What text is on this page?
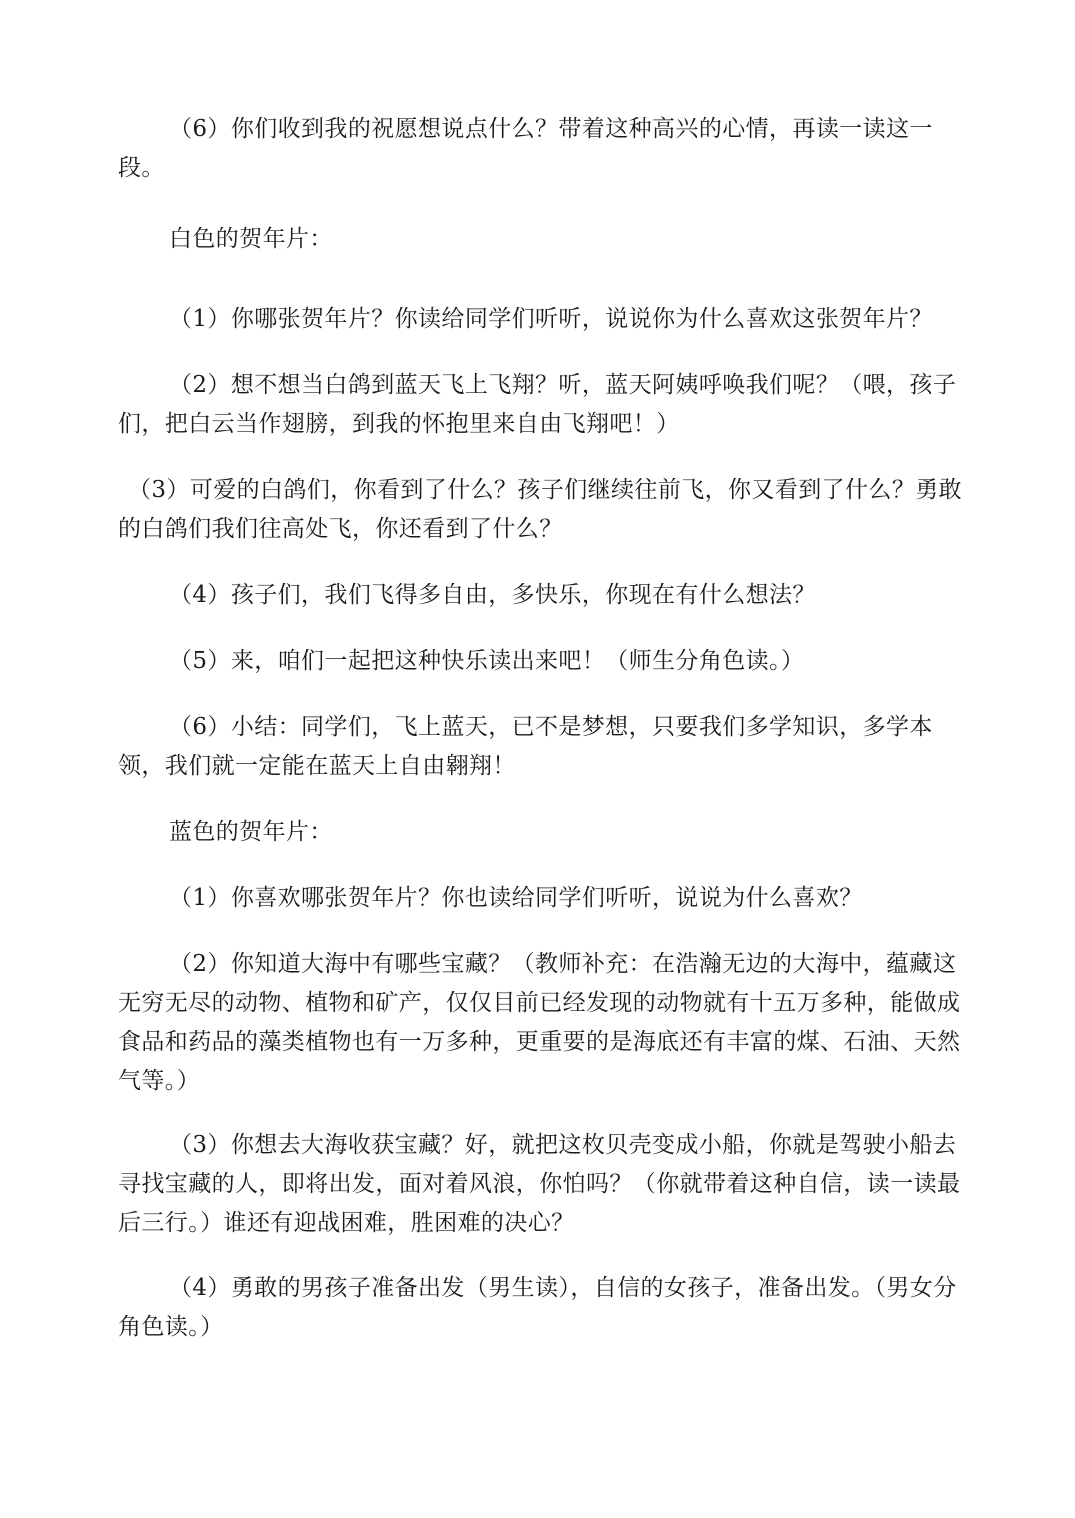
（6）你们收到我的祝愿想说点什么？带着这种高兴的心情，再读一读这一段。

白色的贺年片：

（1）你哪张贺年片？你读给同学们听听，说说你为什么喜欢这张贺年片？

（2）想不想当白鸽到蓝天飞上飞翔？听，蓝天阿姨呼唤我们呢？（喂，孩子们，把白云当作翅膀，到我的怀抱里来自由飞翔吧！）

（3）可爱的白鸽们，你看到了什么？孩子们继续往前飞，你又看到了什么？勇敢的白鸽们我们往高处飞，你还看到了什么？

（4）孩子们，我们飞得多自由，多快乐，你现在有什么想法？

（5）来，咱们一起把这种快乐读出来吧！（师生分角色读。）

（6）小结：同学们，飞上蓝天，已不是梦想，只要我们多学知识，多学本领，我们就一定能在蓝天上自由翱翔！

蓝色的贺年片：

（1）你喜欢哪张贺年片？你也读给同学们听听，说说为什么喜欢？

（2）你知道大海中有哪些宝藏？（教师补充：在浩瀚无边的大海中，蕴藏这无穷无尽的动物、植物和矿产，仅仅目前已经发现的动物就有十五万多种，能做成食品和药品的藻类植物也有一万多种，更重要的是海底还有丰富的煤、石油、天然气等。）

（3）你想去大海收获宝藏？好，就把这枚贝壳变成小船，你就是驾驶小船去寻找宝藏的人，即将出发，面对着风浪，你怕吗？（你就带着这种自信，读一读最后三行。）谁还有迎战困难，胜困难的决心？

（4）勇敢的男孩子准备出发（男生读），自信的女孩子，准备出发。（男女分角色读。）
